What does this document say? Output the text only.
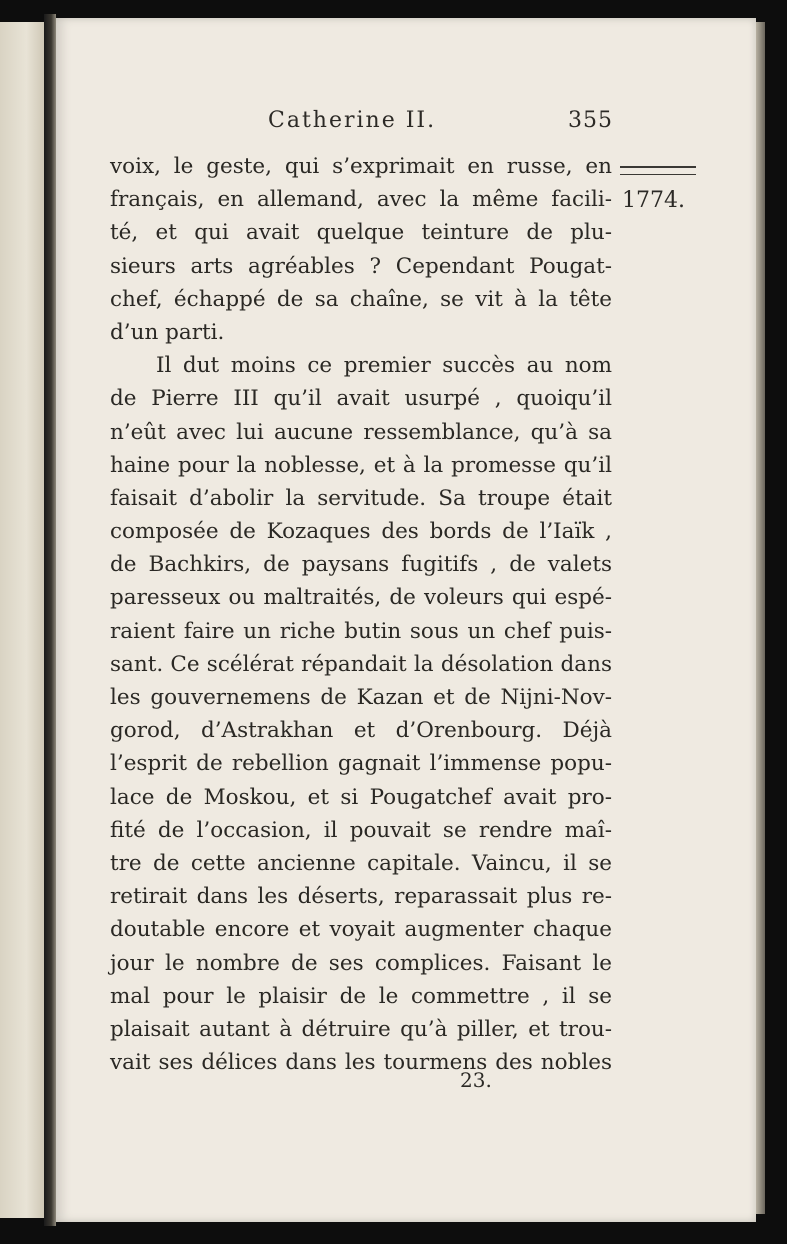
Catherine II.	355
1774.
voix, le geste, qui s’exprimait en russe, en
français, en allemand, avec la même facili-
té, et qui avait quelque teinture de plu-
sieurs arts agréables ? Cependant Pougat-
chef, échappé de sa chaîne, se vit à la tête
d’un parti.
Il dut moins ce premier succès au nom
de Pierre III qu’il avait usurpé , quoiqu’il
n’eût avec lui aucune ressemblance, qu’à sa
haine pour la noblesse, et à la promesse qu’il
faisait d’abolir la servitude. Sa troupe était
composée de Kozaques des bords de l’Iaïk ,
de Bachkirs, de paysans fugitifs , de valets
paresseux ou maltraités, de voleurs qui espé-
raient faire un riche butin sous un chef puis-
sant. Ce scélérat répandait la désolation dans
les gouvernemens de Kazan et de Nijni-Nov-
gorod, d’Astrakhan et d’Orenbourg. Déjà
l’esprit de rebellion gagnait l’immense popu-
lace de Moskou, et si Pougatchef avait pro-
fité de l’occasion, il pouvait se rendre maî-
tre de cette ancienne capitale. Vaincu, il se
retirait dans les déserts, reparassait plus re-
doutable encore et voyait augmenter chaque
jour le nombre de ses complices. Faisant le
mal pour le plaisir de le commettre , il se
plaisait autant à détruire qu’à piller, et trou-
vait ses délices dans les tourmens des nobles
23.
